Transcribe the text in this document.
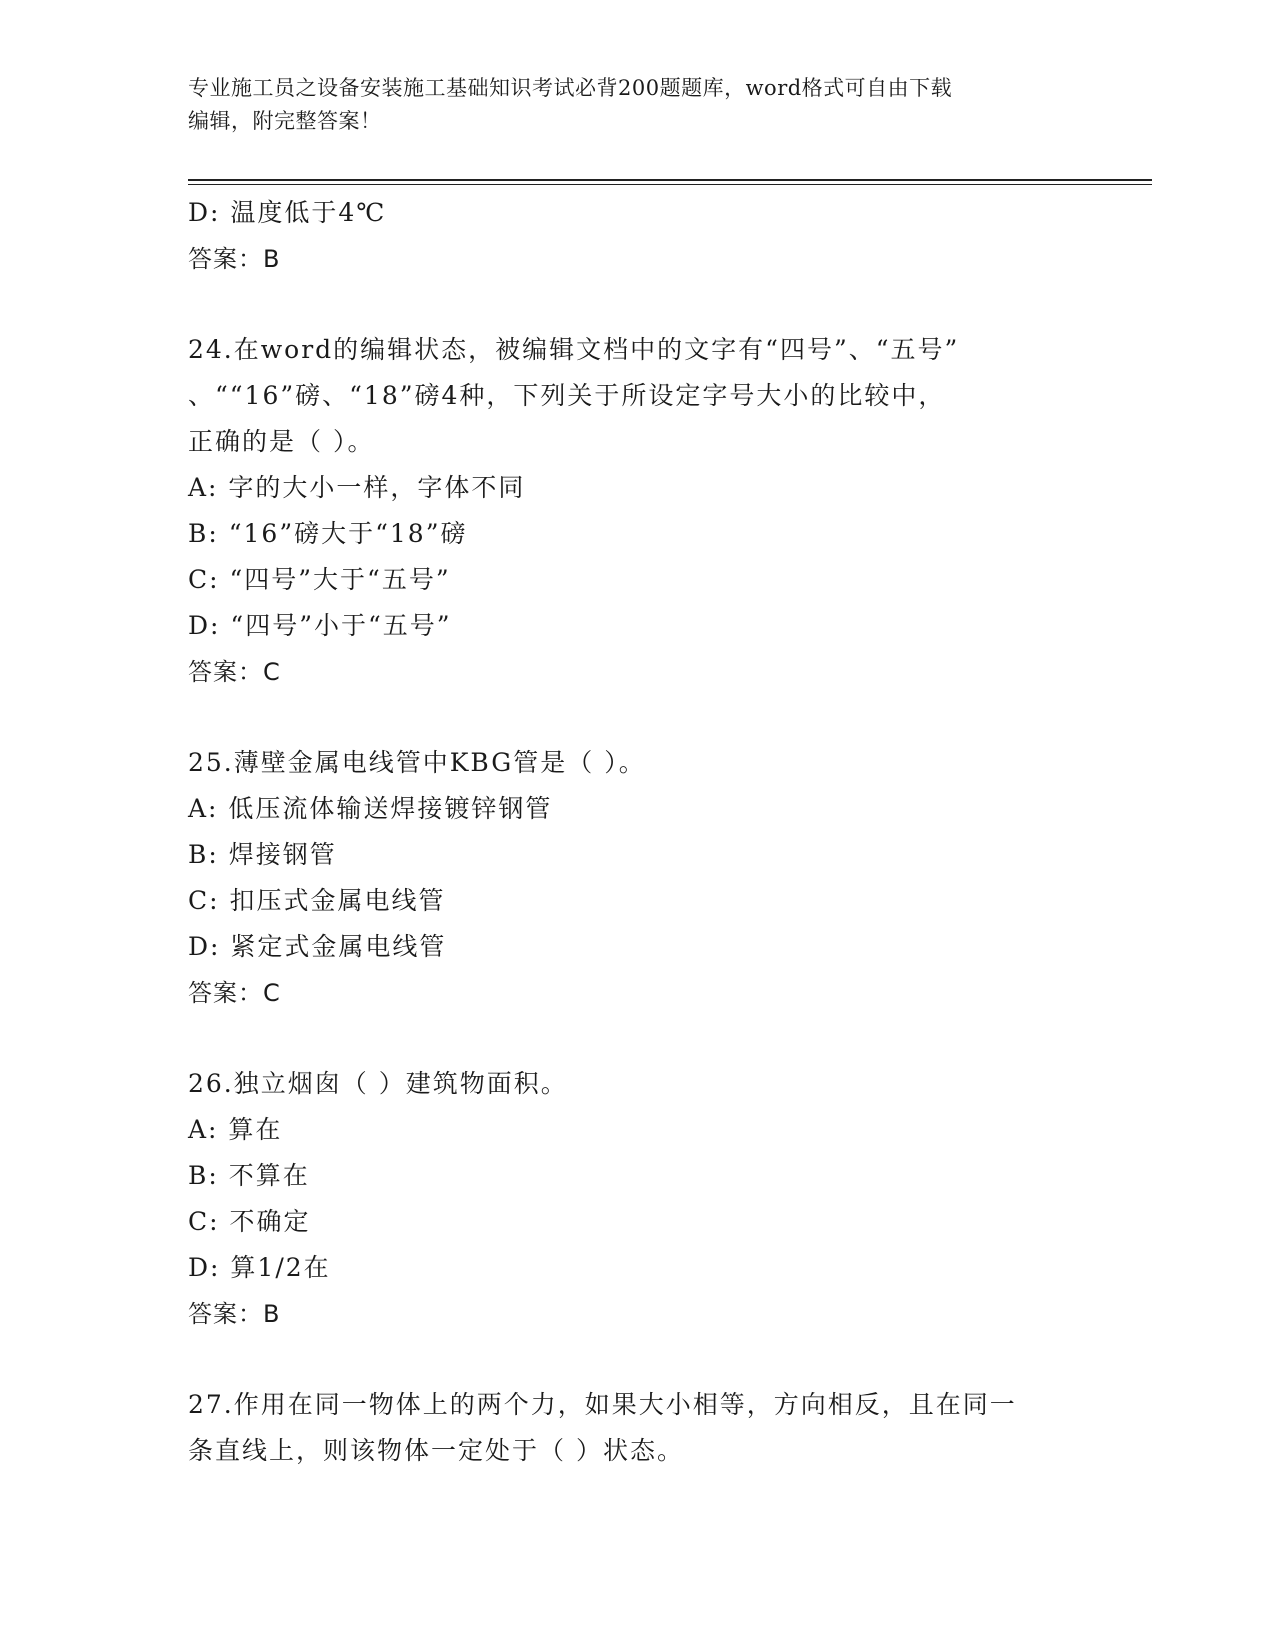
专业施工员之设备安装施工基础知识考试必背200题题库，word格式可自由下载
编辑，附完整答案！
D: 温度低于4℃
答案：B
24.在word的编辑状态，被编辑文档中的文字有“四号”、“五号”
、““16”磅、“18”磅4种，下列关于所设定字号大小的比较中，
正确的是（ ）。
A: 字的大小一样，字体不同
B: “16”磅大于“18”磅
C: “四号”大于“五号”
D: “四号”小于“五号”
答案：C
25.薄壁金属电线管中KBG管是（ ）。
A: 低压流体输送焊接镀锌钢管
B: 焊接钢管
C: 扣压式金属电线管
D: 紧定式金属电线管
答案：C
26.独立烟囱（ ）建筑物面积。
A: 算在
B: 不算在
C: 不确定
D: 算1/2在
答案：B
27.作用在同一物体上的两个力，如果大小相等，方向相反，且在同一
条直线上，则该物体一定处于（ ）状态。
